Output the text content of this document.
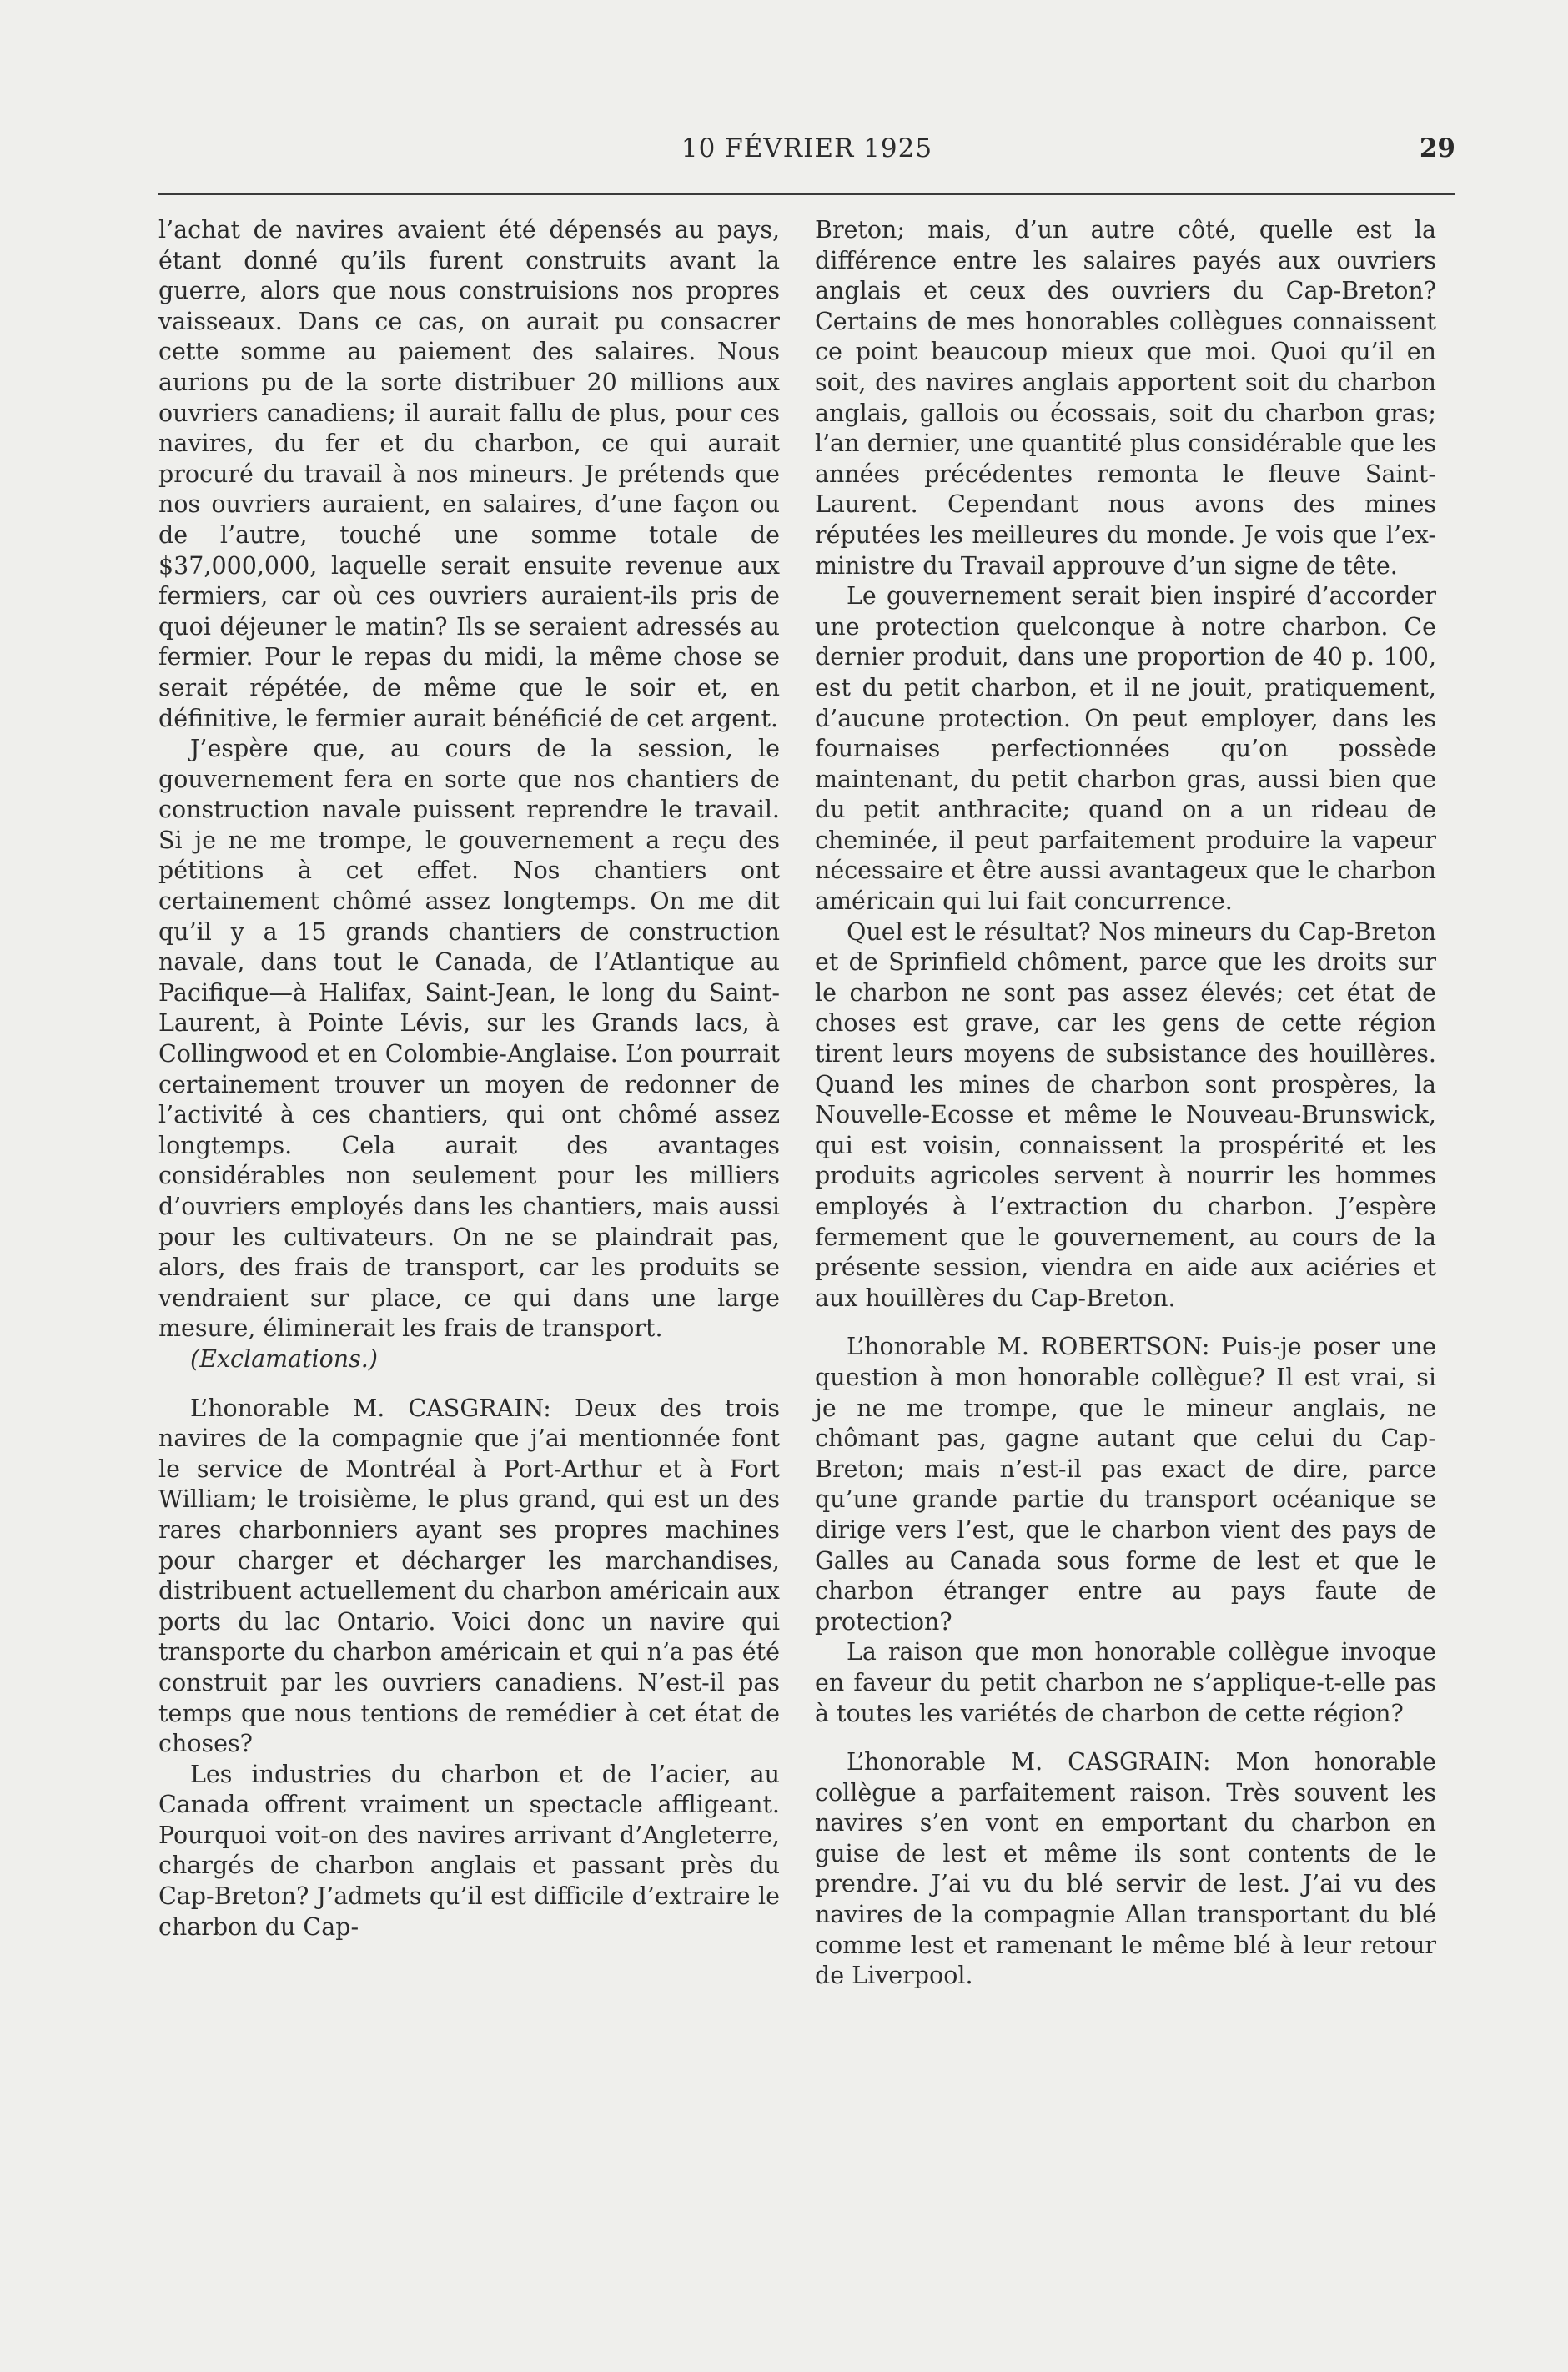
10 FÉVRIER 1925	29

l’achat de navires avaient été dépensés au pays, étant donné qu’ils furent construits avant la guerre, alors que nous construisions nos propres vaisseaux. Dans ce cas, on aurait pu consacrer cette somme au paiement des salaires. Nous aurions pu de la sorte distribuer 20 millions aux ouvriers canadiens; il aurait fallu de plus, pour ces navires, du fer et du charbon, ce qui aurait procuré du travail à nos mineurs. Je prétends que nos ouvriers auraient, en salaires, d’une façon ou de l’autre, touché une somme totale de $37,000,000, laquelle serait ensuite revenue aux fermiers, car où ces ouvriers auraient-ils pris de quoi déjeuner le matin? Ils se seraient adressés au fermier. Pour le repas du midi, la même chose se serait répétée, de même que le soir et, en définitive, le fermier aurait bénéficié de cet argent.

J’espère que, au cours de la session, le gouvernement fera en sorte que nos chantiers de construction navale puissent reprendre le travail. Si je ne me trompe, le gouvernement a reçu des pétitions à cet effet. Nos chantiers ont certainement chômé assez longtemps. On me dit qu’il y a 15 grands chantiers de construction navale, dans tout le Canada, de l’Atlantique au Pacifique—à Halifax, Saint-Jean, le long du Saint-Laurent, à Pointe Lévis, sur les Grands lacs, à Collingwood et en Colombie-Anglaise. L’on pourrait certainement trouver un moyen de redonner de l’activité à ces chantiers, qui ont chômé assez longtemps. Cela aurait des avantages considérables non seulement pour les milliers d’ouvriers employés dans les chantiers, mais aussi pour les cultivateurs. On ne se plaindrait pas, alors, des frais de transport, car les produits se vendraient sur place, ce qui dans une large mesure, éliminerait les frais de transport.

(Exclamations.)

L’honorable M. CASGRAIN: Deux des trois navires de la compagnie que j’ai mentionnée font le service de Montréal à Port-Arthur et à Fort William; le troisième, le plus grand, qui est un des rares charbonniers ayant ses propres machines pour charger et décharger les marchandises, distribuent actuellement du charbon américain aux ports du lac Ontario. Voici donc un navire qui transporte du charbon américain et qui n’a pas été construit par les ouvriers canadiens. N’est-il pas temps que nous tentions de remédier à cet état de choses?

Les industries du charbon et de l’acier, au Canada offrent vraiment un spectacle affligeant. Pourquoi voit-on des navires arrivant d’Angleterre, chargés de charbon anglais et passant près du Cap-Breton? J’admets qu’il est difficile d’extraire le charbon du Cap-

Breton; mais, d’un autre côté, quelle est la différence entre les salaires payés aux ouvriers anglais et ceux des ouvriers du Cap-Breton? Certains de mes honorables collègues connaissent ce point beaucoup mieux que moi. Quoi qu’il en soit, des navires anglais apportent soit du charbon anglais, gallois ou écossais, soit du charbon gras; l’an dernier, une quantité plus considérable que les années précédentes remonta le fleuve Saint-Laurent. Cependant nous avons des mines réputées les meilleures du monde. Je vois que l’ex-ministre du Travail approuve d’un signe de tête.

Le gouvernement serait bien inspiré d’accorder une protection quelconque à notre charbon. Ce dernier produit, dans une proportion de 40 p. 100, est du petit charbon, et il ne jouit, pratiquement, d’aucune protection. On peut employer, dans les fournaises perfectionnées qu’on possède maintenant, du petit charbon gras, aussi bien que du petit anthracite; quand on a un rideau de cheminée, il peut parfaitement produire la vapeur nécessaire et être aussi avantageux que le charbon américain qui lui fait concurrence.

Quel est le résultat? Nos mineurs du Cap-Breton et de Sprinfield chôment, parce que les droits sur le charbon ne sont pas assez élevés; cet état de choses est grave, car les gens de cette région tirent leurs moyens de subsistance des houillères. Quand les mines de charbon sont prospères, la Nouvelle-Ecosse et même le Nouveau-Brunswick, qui est voisin, connaissent la prospérité et les produits agricoles servent à nourrir les hommes employés à l’extraction du charbon. J’espère fermement que le gouvernement, au cours de la présente session, viendra en aide aux aciéries et aux houillères du Cap-Breton.

L’honorable M. ROBERTSON: Puis-je poser une question à mon honorable collègue? Il est vrai, si je ne me trompe, que le mineur anglais, ne chômant pas, gagne autant que celui du Cap-Breton; mais n’est-il pas exact de dire, parce qu’une grande partie du transport océanique se dirige vers l’est, que le charbon vient des pays de Galles au Canada sous forme de lest et que le charbon étranger entre au pays faute de protection?

La raison que mon honorable collègue invoque en faveur du petit charbon ne s’applique-t-elle pas à toutes les variétés de charbon de cette région?

L’honorable M. CASGRAIN: Mon honorable collègue a parfaitement raison. Très souvent les navires s’en vont en emportant du charbon en guise de lest et même ils sont contents de le prendre. J’ai vu du blé servir de lest. J’ai vu des navires de la compagnie Allan transportant du blé comme lest et ramenant le même blé à leur retour de Liverpool.
